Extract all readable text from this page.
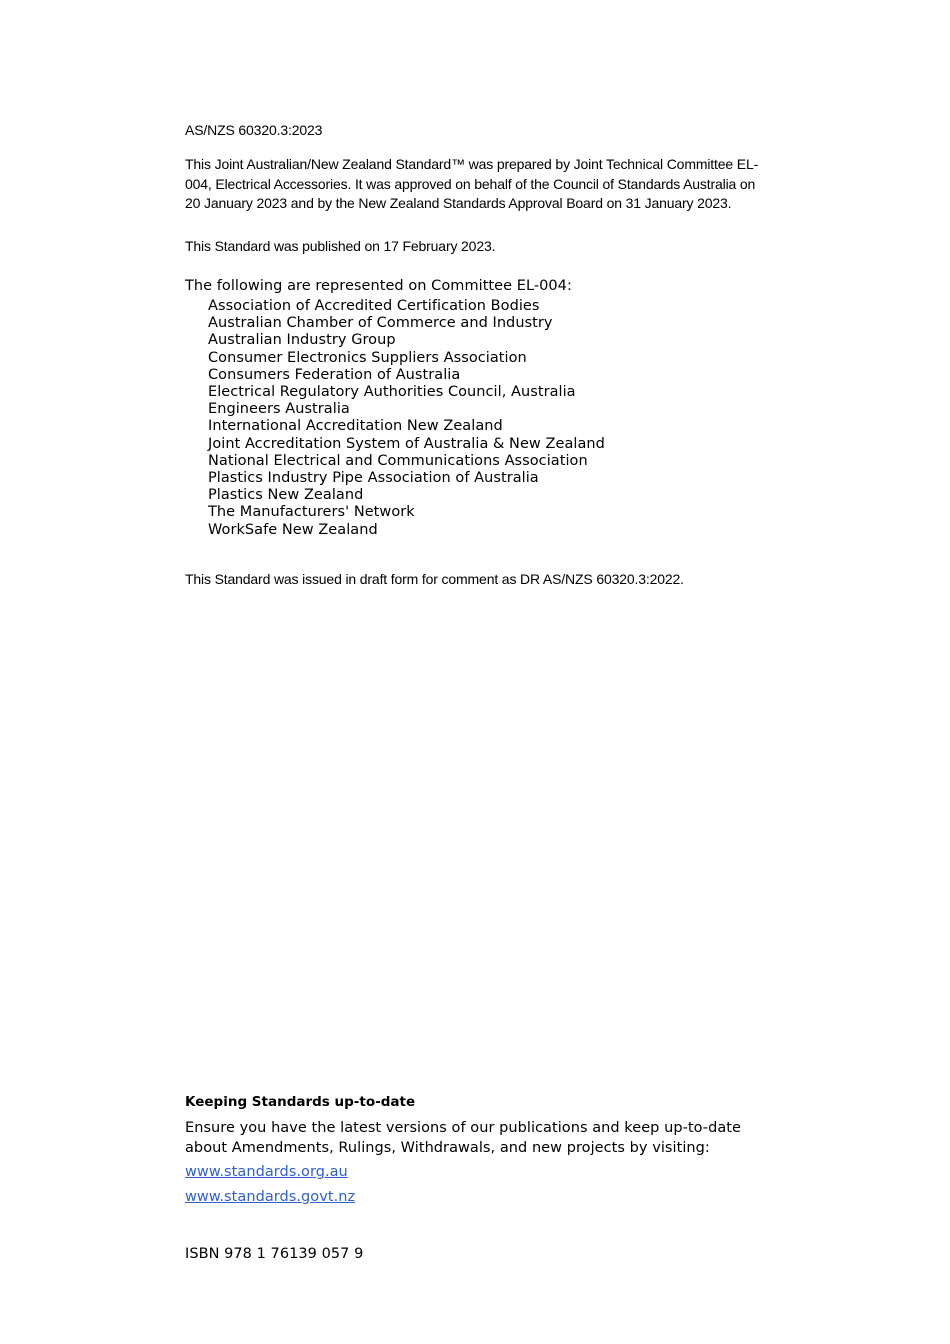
AS/NZS 60320.3:2023

This Joint Australian/New Zealand Standard™ was prepared by Joint Technical Committee EL-004, Electrical Accessories. It was approved on behalf of the Council of Standards Australia on 20 January 2023 and by the New Zealand Standards Approval Board on 31 January 2023.

This Standard was published on 17 February 2023.
The following are represented on Committee EL-004:
Association of Accredited Certification Bodies
Australian Chamber of Commerce and Industry
Australian Industry Group
Consumer Electronics Suppliers Association
Consumers Federation of Australia
Electrical Regulatory Authorities Council, Australia
Engineers Australia
International Accreditation New Zealand
Joint Accreditation System of Australia & New Zealand
National Electrical and Communications Association
Plastics Industry Pipe Association of Australia
Plastics New Zealand
The Manufacturers' Network
WorkSafe New Zealand
This Standard was issued in draft form for comment as DR AS/NZS 60320.3:2022.
Keeping Standards up-to-date

Ensure you have the latest versions of our publications and keep up-to-date about Amendments, Rulings, Withdrawals, and new projects by visiting:

www.standards.org.au
www.standards.govt.nz
ISBN 978 1 76139 057 9
